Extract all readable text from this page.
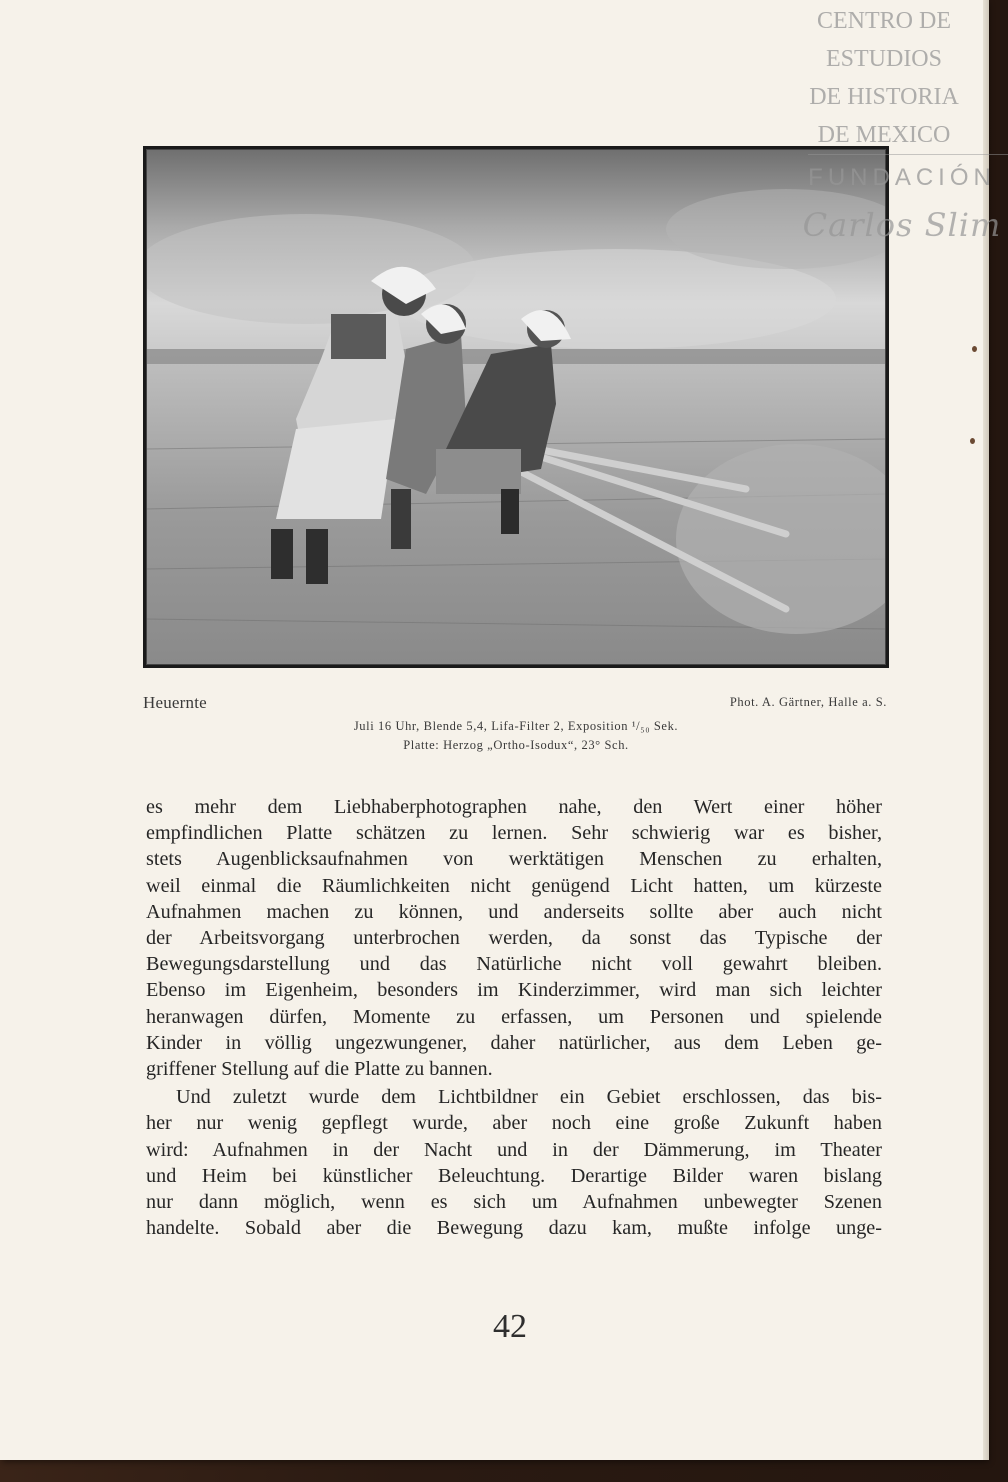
Heuernte	Phot. A. Gärtner, Halle a. S.
Juli 16 Uhr, Blende 5,4, Lifa-Filter 2, Exposition ¹/₅₀ Sek.
Platte: Herzog „Ortho-Isodux“, 23° Sch.
es mehr dem Liebhaberphotographen nahe, den Wert einer höher
empfindlichen Platte schätzen zu lernen. Sehr schwierig war es bisher,
stets Augenblicksaufnahmen von werktätigen Menschen zu erhalten,
weil einmal die Räumlichkeiten nicht genügend Licht hatten, um kürzeste
Aufnahmen machen zu können, und anderseits sollte aber auch nicht
der Arbeitsvorgang unterbrochen werden, da sonst das Typische der
Bewegungsdarstellung und das Natürliche nicht voll gewahrt bleiben.
Ebenso im Eigenheim, besonders im Kinderzimmer, wird man sich leichter
heranwagen dürfen, Momente zu erfassen, um Personen und spielende
Kinder in völlig ungezwungener, daher natürlicher, aus dem Leben ge-
griffener Stellung auf die Platte zu bannen.
Und zuletzt wurde dem Lichtbildner ein Gebiet erschlossen, das bis-
her nur wenig gepflegt wurde, aber noch eine große Zukunft haben
wird: Aufnahmen in der Nacht und in der Dämmerung, im Theater
und Heim bei künstlicher Beleuchtung. Derartige Bilder waren bislang
nur dann möglich, wenn es sich um Aufnahmen unbewegter Szenen
handelte. Sobald aber die Bewegung dazu kam, mußte infolge unge-
42
CENTRO DE
ESTUDIOS
DE HISTORIA
DE MEXICO
FUNDACIÓN
Carlos Slim
